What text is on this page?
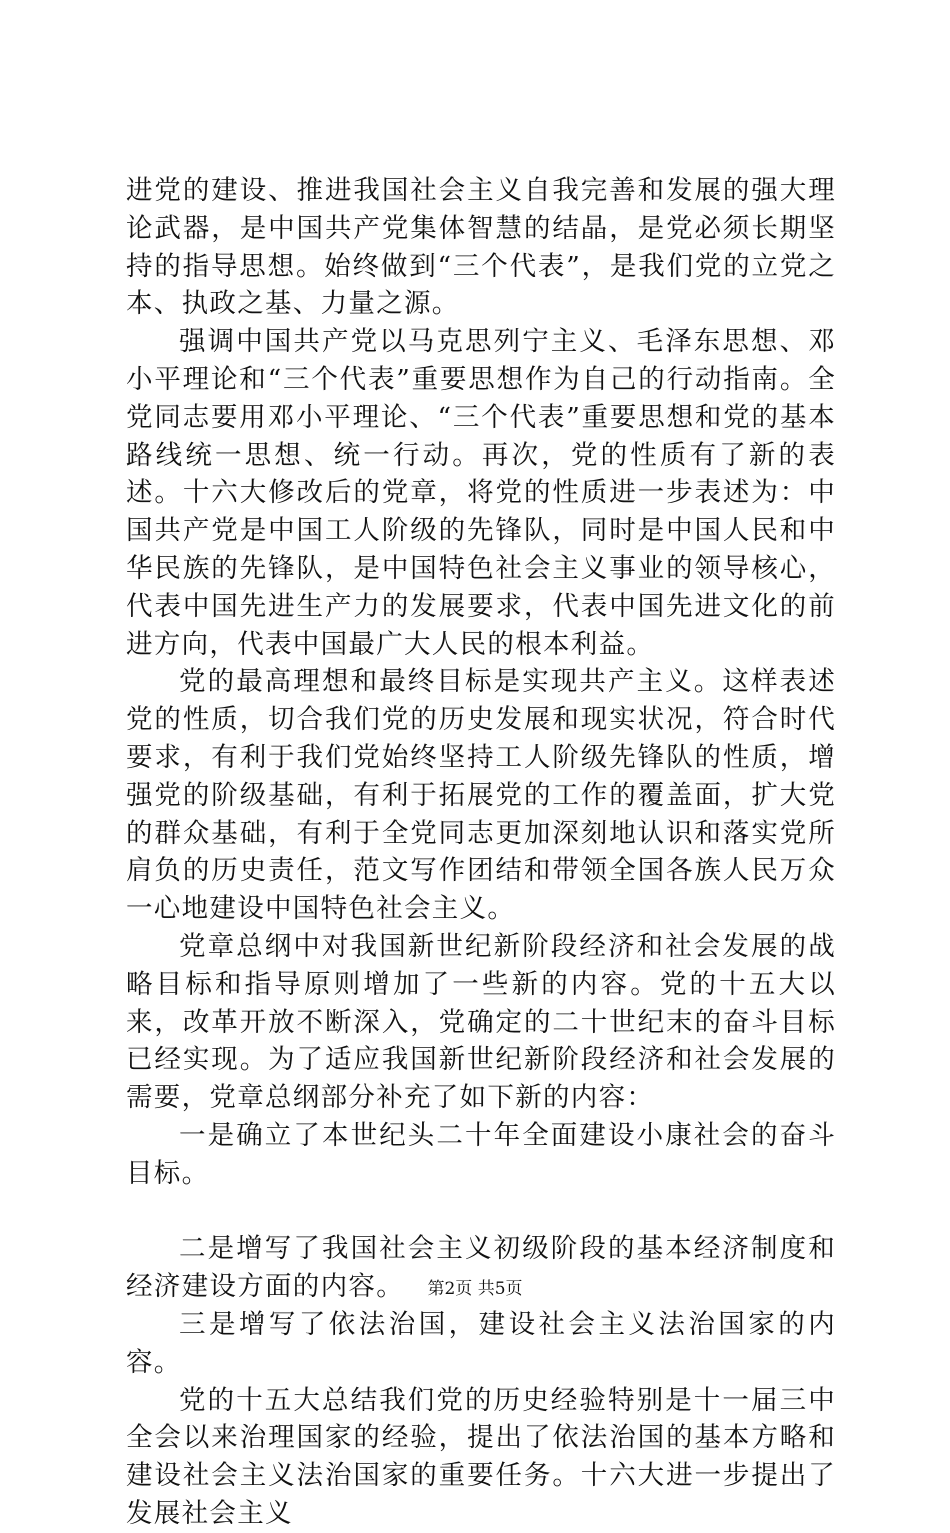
进党的建设、推进我国社会主义自我完善和发展的强大理论武器，是中国共产党集体智慧的结晶，是党必须长期坚持的指导思想。始终做到“三个代表”，是我们党的立党之本、执政之基、力量之源。

强调中国共产党以马克思列宁主义、毛泽东思想、邓小平理论和“三个代表”重要思想作为自己的行动指南。全党同志要用邓小平理论、“三个代表”重要思想和党的基本路线统一思想、统一行动。再次，党的性质有了新的表述。十六大修改后的党章，将党的性质进一步表述为：中国共产党是中国工人阶级的先锋队，同时是中国人民和中华民族的先锋队，是中国特色社会主义事业的领导核心，代表中国先进生产力的发展要求，代表中国先进文化的前进方向，代表中国最广大人民的根本利益。

党的最高理想和最终目标是实现共产主义。这样表述党的性质，切合我们党的历史发展和现实状况，符合时代要求，有利于我们党始终坚持工人阶级先锋队的性质，增强党的阶级基础，有利于拓展党的工作的覆盖面，扩大党的群众基础，有利于全党同志更加深刻地认识和落实党所肩负的历史责任，范文写作团结和带领全国各族人民万众一心地建设中国特色社会主义。

党章总纲中对我国新世纪新阶段经济和社会发展的战略目标和指导原则增加了一些新的内容。党的十五大以来，改革开放不断深入，党确定的二十世纪末的奋斗目标已经实现。为了适应我国新世纪新阶段经济和社会发展的需要，党章总纲部分补充了如下新的内容：

一是确立了本世纪头二十年全面建设小康社会的奋斗目标。

二是增写了我国社会主义初级阶段的基本经济制度和经济建设方面的内容。

三是增写了依法治国，建设社会主义法治国家的内容。

党的十五大总结我们党的历史经验特别是十一届三中全会以来治理国家的经验，提出了依法治国的基本方略和建设社会主义法治国家的重要任务。十六大进一步提出了发展社会主义

第2页 共5页
